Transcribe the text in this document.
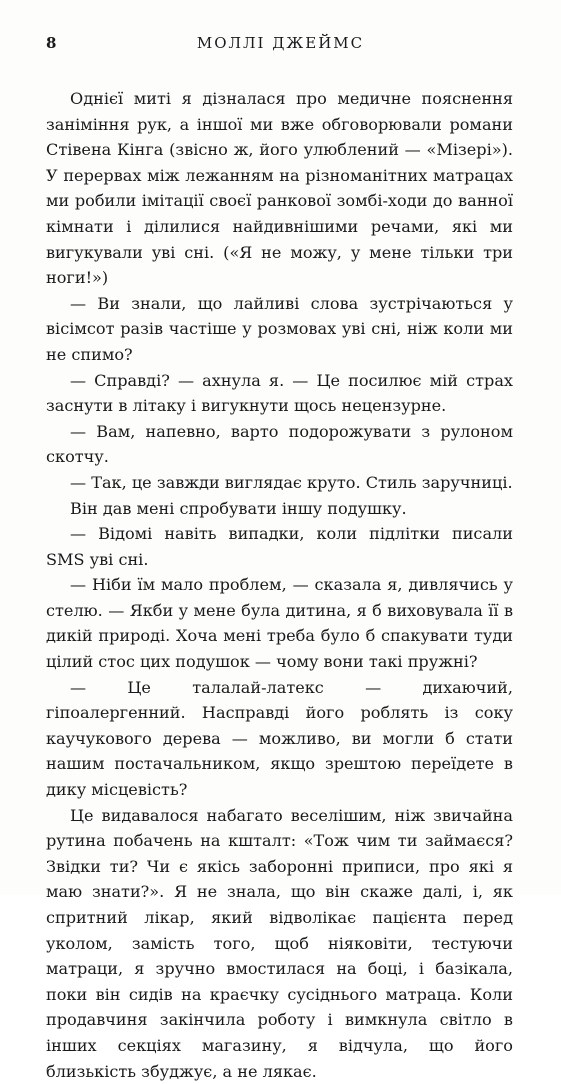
8	МОЛЛІ ДЖЕЙМС

Однієї миті я дізналася про медичне пояснення заніміння рук, а іншої ми вже обговорювали романи Стівена Кінга (звісно ж, його улюблений — «Мізері»). У перервах між лежанням на різноманітних матрацах ми робили імітації своєї ранкової зомбі-ходи до ванної кімнати і ділилися найдивнішими речами, які ми вигукували уві сні. («Я не можу, у мене тільки три ноги!»)

— Ви знали, що лайливі слова зустрічаються у вісімсот разів частіше у розмовах уві сні, ніж коли ми не спимо?

— Справді? — ахнула я. — Це посилює мій страх заснути в літаку і вигукнути щось нецензурне.

— Вам, напевно, варто подорожувати з рулоном скотчу.

— Так, це завжди виглядає круто. Стиль заручниці.

Він дав мені спробувати іншу подушку.

— Відомі навіть випадки, коли підлітки писали SMS уві сні.

— Ніби їм мало проблем, — сказала я, дивлячись у стелю. — Якби у мене була дитина, я б виховувала її в дикій природі. Хоча мені треба було б спакувати туди цілий стос цих подушок — чому вони такі пружні?

— Це талалай-латекс — дихаючий, гіпоалергенний. Насправді його роблять із соку каучукового дерева — можливо, ви могли б стати нашим постачальником, якщо зрештою переїдете в дику місцевість?

Це видавалося набагато веселішим, ніж звичайна рутина побачень на кшталт: «Тож чим ти займаєся? Звідки ти? Чи є якісь заборонні приписи, про які я маю знати?». Я не знала, що він скаже далі, і, як спритний лікар, який відволікає пацієнта перед уколом, замість того, щоб ніяковіти, тестуючи матраци, я зручно вмостилася на боці, і базікала, поки він сидів на краєчку сусіднього матраца. Коли продавчиня закінчила роботу і вимкнула світло в інших секціях магазину, я відчула, що його близькість збуджує, а не лякає.
